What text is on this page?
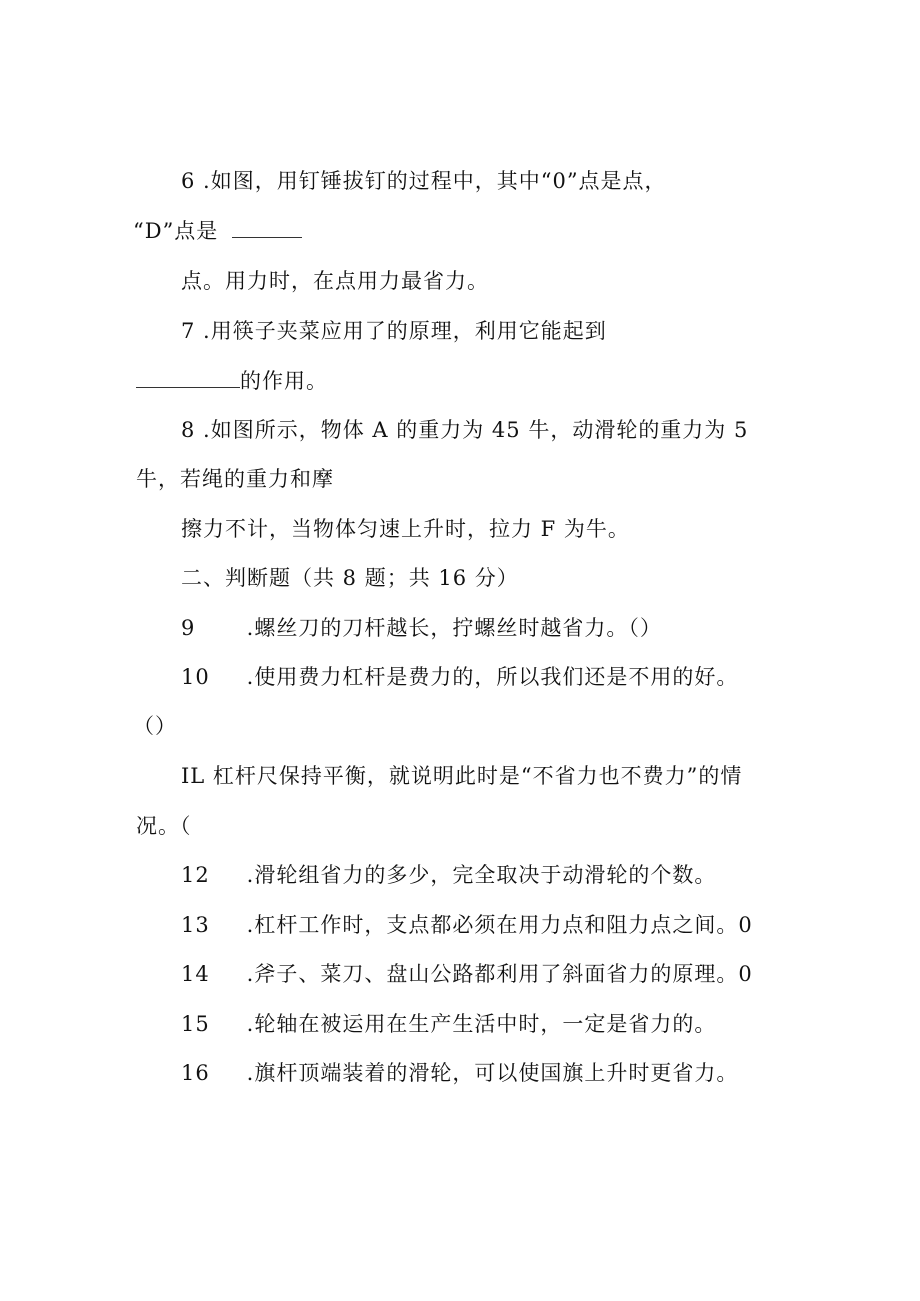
6 .如图，用钉锤拔钉的过程中，其中“0”点是点，
“D”点是
点。用力时，在点用力最省力。
7 .用筷子夹菜应用了的原理，利用它能起到
的作用。
8 .如图所示，物体 A 的重力为 45 牛，动滑轮的重力为 5
牛，若绳的重力和摩
擦力不计，当物体匀速上升时，拉力 F 为牛。
二、判断题（共 8 题；共 16 分）
9 .螺丝刀的刀杆越长，拧螺丝时越省力。（）
10 .使用费力杠杆是费力的，所以我们还是不用的好。
（）
IL 杠杆尺保持平衡，就说明此时是“不省力也不费力”的情
况。（
12 .滑轮组省力的多少，完全取决于动滑轮的个数。
13 .杠杆工作时，支点都必须在用力点和阻力点之间。0
14 .斧子、菜刀、盘山公路都利用了斜面省力的原理。0
15 .轮轴在被运用在生产生活中时，一定是省力的。
16 .旗杆顶端装着的滑轮，可以使国旗上升时更省力。
